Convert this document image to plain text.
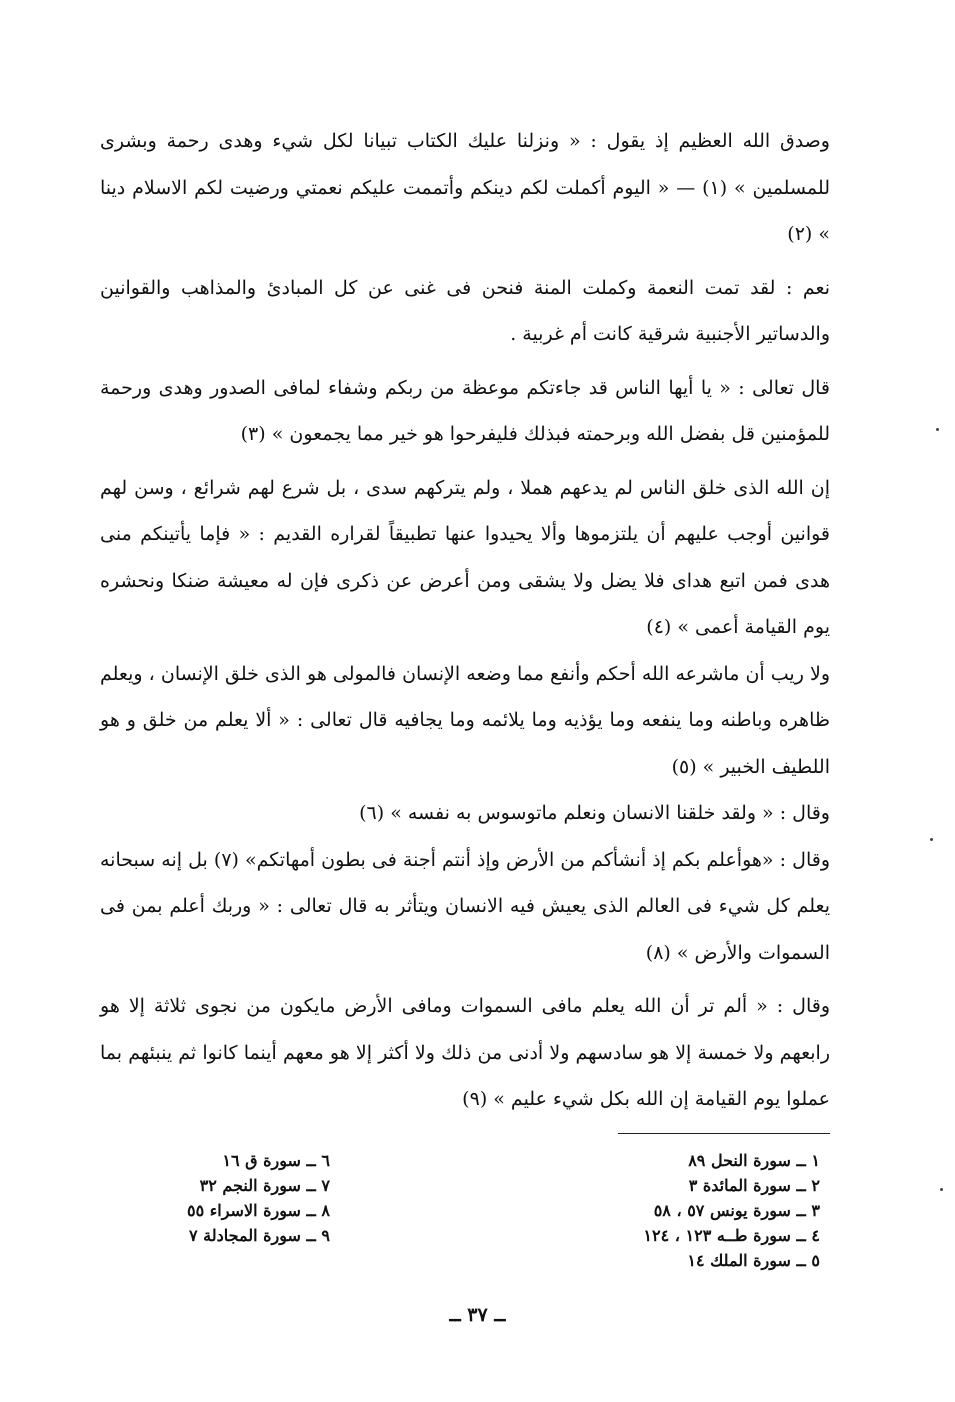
وصدق الله العظيم إذ يقول : « ونزلنا عليك الكتاب تبيانا لكل شيء وهدى رحمة وبشرى للمسلمين » (١) — « اليوم أكملت لكم دينكم وأتممت عليكم نعمتي ورضيت لكم الاسلام دينا » (٢)

نعم : لقد تمت النعمة وكملت المنة فنحن فى غنى عن كل المبادئ والمذاهب والقوانين والدساتير الأجنبية شرقية كانت أم غربية .

قال تعالى : « يا أيها الناس قد جاءتكم موعظة من ربكم وشفاء لمافى الصدور وهدى ورحمة للمؤمنين قل بفضل الله وبرحمته فبذلك فليفرحوا هو خير مما يجمعون » (٣)

إن الله الذى خلق الناس لم يدعهم هملا ، ولم يتركهم سدى ، بل شرع لهم شرائع ، وسن لهم قوانين أوجب عليهم أن يلتزموها وألا يحيدوا عنها تطبيقاً لقراره القديم : « فإما يأتينكم منى هدى فمن اتبع هداى فلا يضل ولا يشقى ومن أعرض عن ذكرى فإن له معيشة ضنكا ونحشره يوم القيامة أعمى » (٤)

ولا ريب أن ماشرعه الله أحكم وأنفع مما وضعه الإنسان فالمولى هو الذى خلق الإنسان ، ويعلم ظاهره وباطنه وما ينفعه وما يؤذيه وما يلائمه وما يجافيه قال تعالى : « ألا يعلم من خلق و هو اللطيف الخبير » (٥)

وقال : « ولقد خلقنا الانسان ونعلم ماتوسوس به نفسه » (٦)

وقال : «هوأعلم بكم إذ أنشأكم من الأرض وإذ أنتم أجنة فى بطون أمهاتكم» (٧) بل إنه سبحانه يعلم كل شيء فى العالم الذى يعيش فيه الانسان ويتأثر به قال تعالى : « وربك أعلم بمن فى السموات والأرض » (٨)

وقال : « ألم تر أن الله يعلم مافى السموات ومافى الأرض مايكون من نجوى ثلاثة إلا هو رابعهم ولا خمسة إلا هو سادسهم ولا أدنى من ذلك ولا أكثر إلا هو معهم أينما كانوا ثم ينبئهم بما عملوا يوم القيامة إن الله بكل شيء عليم » (٩)

١ ــ سورة النحل ٨٩
٢ ــ سورة المائدة ٣
٣ ــ سورة يونس ٥٧ ، ٥٨
٤ ــ سورة طــه ١٢٣ ، ١٢٤
٥ ــ سورة الملك ١٤
٦ ــ سورة ق ١٦
٧ ــ سورة النجم ٣٢
٨ ــ سورة الاسراء ٥٥
٩ ــ سورة المجادلة ٧
ــ ٣٧ ــ
